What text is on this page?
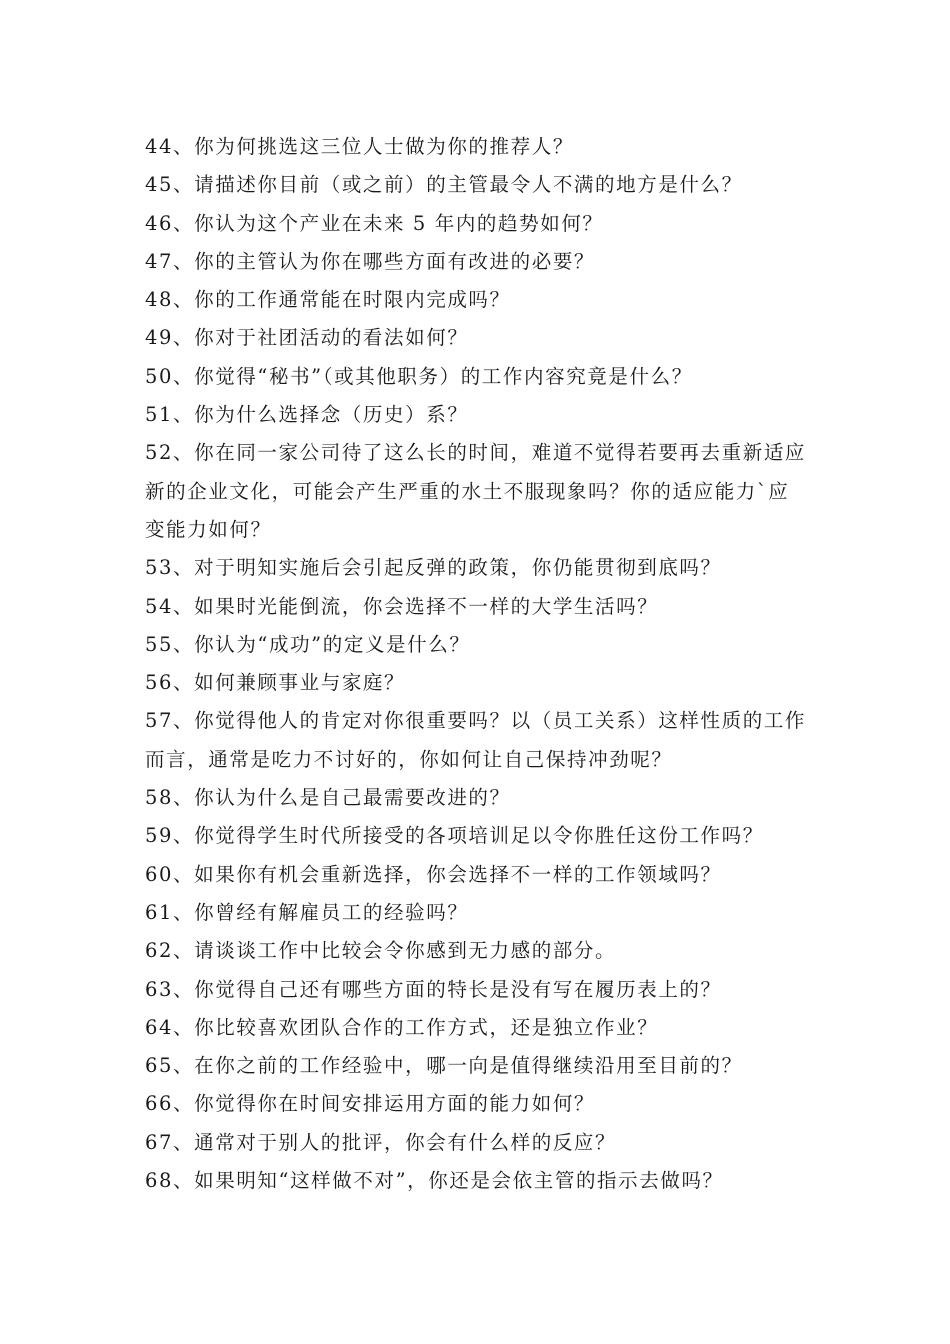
44、你为何挑选这三位人士做为你的推荐人？
45、请描述你目前（或之前）的主管最令人不满的地方是什么？
46、你认为这个产业在未来 5 年内的趋势如何？
47、你的主管认为你在哪些方面有改进的必要？
48、你的工作通常能在时限内完成吗？
49、你对于社团活动的看法如何？
50、你觉得“秘书”（或其他职务）的工作内容究竟是什么？
51、你为什么选择念（历史）系？
52、你在同一家公司待了这么长的时间，难道不觉得若要再去重新适应新的企业文化，可能会产生严重的水土不服现象吗？你的适应能力`应变能力如何？
53、对于明知实施后会引起反弹的政策，你仍能贯彻到底吗？
54、如果时光能倒流，你会选择不一样的大学生活吗？
55、你认为“成功”的定义是什么？
56、如何兼顾事业与家庭？
57、你觉得他人的肯定对你很重要吗？以（员工关系）这样性质的工作而言，通常是吃力不讨好的，你如何让自己保持冲劲呢？
58、你认为什么是自己最需要改进的？
59、你觉得学生时代所接受的各项培训足以令你胜任这份工作吗？
60、如果你有机会重新选择，你会选择不一样的工作领域吗？
61、你曾经有解雇员工的经验吗？
62、请谈谈工作中比较会令你感到无力感的部分。
63、你觉得自己还有哪些方面的特长是没有写在履历表上的？
64、你比较喜欢团队合作的工作方式，还是独立作业？
65、在你之前的工作经验中，哪一向是值得继续沿用至目前的？
66、你觉得你在时间安排运用方面的能力如何？
67、通常对于别人的批评，你会有什么样的反应？
68、如果明知“这样做不对”，你还是会依主管的指示去做吗？
